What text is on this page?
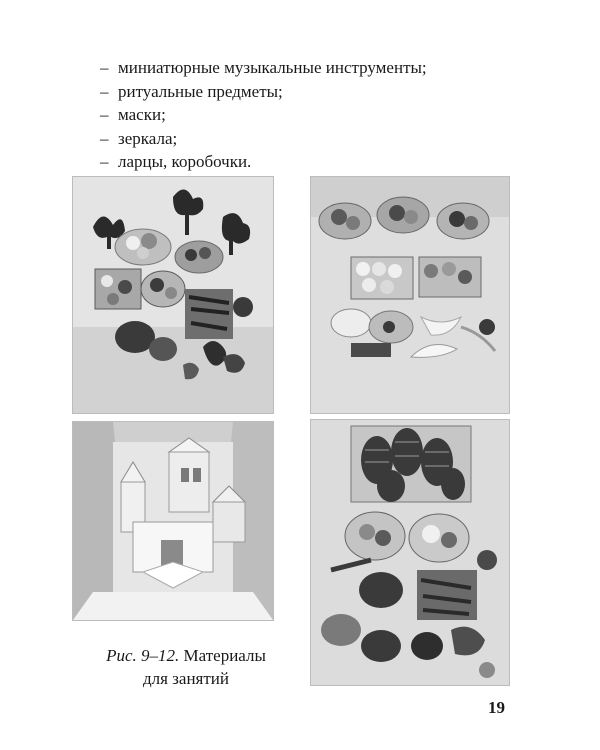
– миниатюрные музыкальные инструменты;
– ритуальные предметы;
– маски;
– зеркала;
– ларцы, коробочки.
Рис. 9–12. Материалы
для занятий
19
